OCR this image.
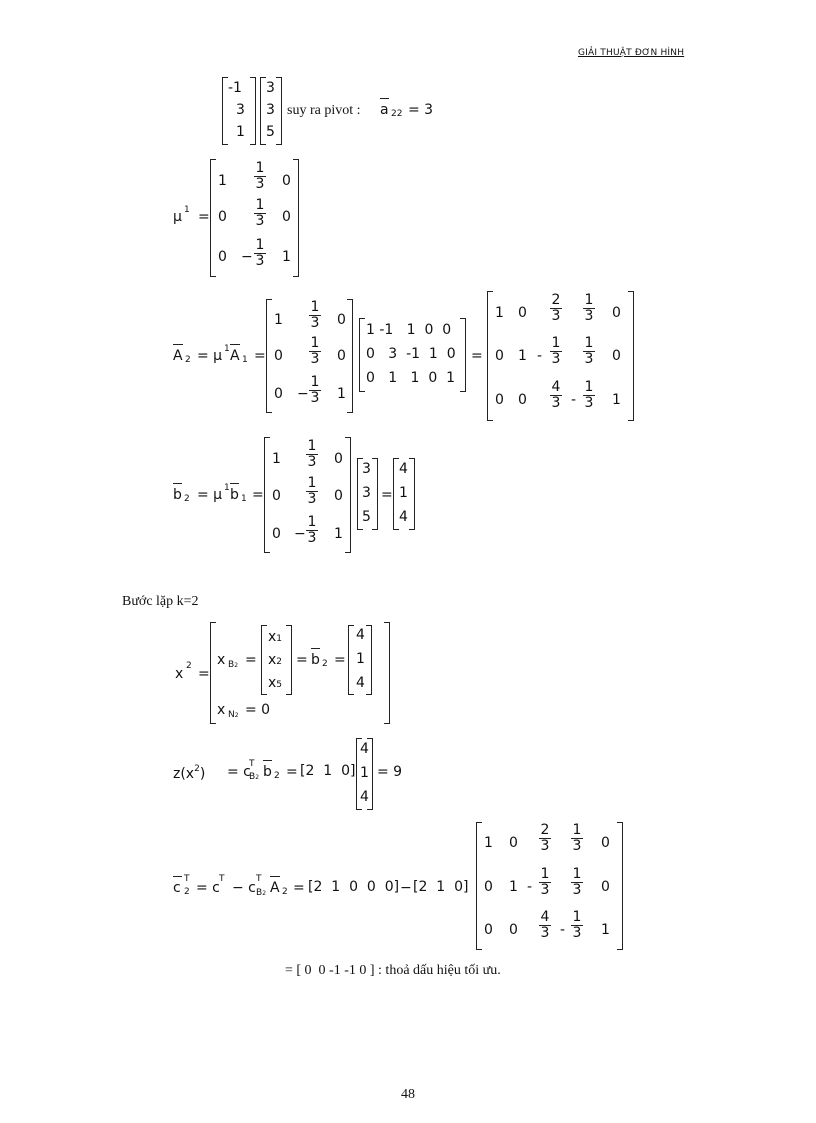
GIẢI THUẬT ĐƠN HÌNH
-1
3
1
3
3
5
suy ra pivot : a 22 = 3
μ 1 =
1
1
3 0
0
1
3 0
0 −
1
3 1
A 2 = μ 1 A 1 =
1
1
3 0
0
1
3 0
0 −
1
3 1
1 -1   1  0  0
0   3  -1  1  0
0   1   1  0  1
=
1 0
2
3
1
3 0
0 1 -
1
3
1
3 0
0 0
4
3 -
1
3 1
b 2 = μ 1 b 1 =
1
1
3 0
0
1
3 0
0 −
1
3 1
3
3
5
=
4
1
4
Bước lặp k=2
x 2 =
x B2 =
x1
x2
x5
= b 2 =
4
1
4
x N2 = 0
$z(x^2) = c$
T
B2 b 2 = [2  1  0]
4
1
4
= 9
c
T
2 = c
T
− c
T
B2 A 2 = [2  1  0  0  0] − [2  1  0]
1 0
2
3
1
3 0
0 1 -
1
3
1
3 0
0 0
4
3 -
1
3 1
= [ 0  0 -1 -1 0 ] : thoả dấu hiệu tối ưu.
48
